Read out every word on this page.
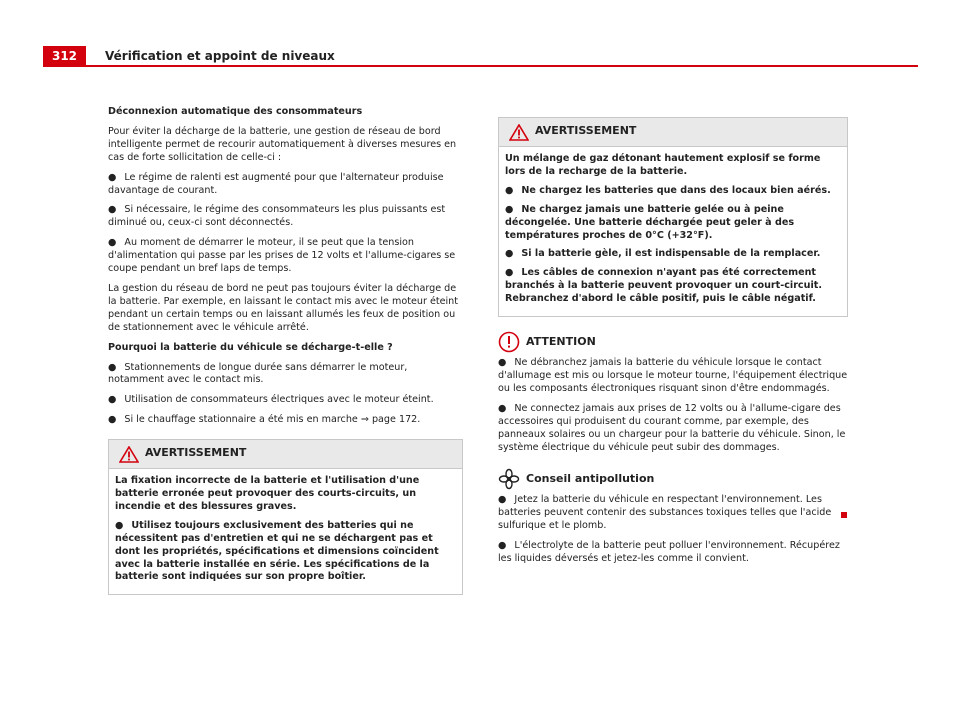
312	Vérification et appoint de niveaux

Déconnexion automatique des consommateurs

Pour éviter la décharge de la batterie, une gestion de réseau de bord intelligente permet de recourir automatiquement à diverses mesures en cas de forte sollicitation de celle-ci :

● Le régime de ralenti est augmenté pour que l'alternateur produise davantage de courant.

● Si nécessaire, le régime des consommateurs les plus puissants est diminué ou, ceux-ci sont déconnectés.

● Au moment de démarrer le moteur, il se peut que la tension d'alimentation qui passe par les prises de 12 volts et l'allume-cigares se coupe pendant un bref laps de temps.

La gestion du réseau de bord ne peut pas toujours éviter la décharge de la batterie. Par exemple, en laissant le contact mis avec le moteur éteint pendant un certain temps ou en laissant allumés les feux de position ou de stationnement avec le véhicule arrêté.

Pourquoi la batterie du véhicule se décharge-t-elle ?

● Stationnements de longue durée sans démarrer le moteur, notamment avec le contact mis.

● Utilisation de consommateurs électriques avec le moteur éteint.

● Si le chauffage stationnaire a été mis en marche ⇒ page 172.

AVERTISSEMENT

La fixation incorrecte de la batterie et l'utilisation d'une batterie erronée peut provoquer des courts-circuits, un incendie et des blessures graves.

● Utilisez toujours exclusivement des batteries qui ne nécessitent pas d'entretien et qui ne se déchargent pas et dont les propriétés, spécifications et dimensions coïncident avec la batterie installée en série. Les spécifications de la batterie sont indiquées sur son propre boîtier.

AVERTISSEMENT

Un mélange de gaz détonant hautement explosif se forme lors de la recharge de la batterie.

● Ne chargez les batteries que dans des locaux bien aérés.

● Ne chargez jamais une batterie gelée ou à peine décongelée. Une batterie déchargée peut geler à des températures proches de 0°C (+32°F).

● Si la batterie gèle, il est indispensable de la remplacer.

● Les câbles de connexion n'ayant pas été correctement branchés à la batterie peuvent provoquer un court-circuit. Rebranchez d'abord le câble positif, puis le câble négatif.

ATTENTION

● Ne débranchez jamais la batterie du véhicule lorsque le contact d'allumage est mis ou lorsque le moteur tourne, l'équipement électrique ou les composants électroniques risquant sinon d'être endommagés.

● Ne connectez jamais aux prises de 12 volts ou à l'allume-cigare des accessoires qui produisent du courant comme, par exemple, des panneaux solaires ou un chargeur pour la batterie du véhicule. Sinon, le système électrique du véhicule peut subir des dommages.

Conseil antipollution

● Jetez la batterie du véhicule en respectant l'environnement. Les batteries peuvent contenir des substances toxiques telles que l'acide sulfurique et le plomb.

● L'électrolyte de la batterie peut polluer l'environnement. Récupérez les liquides déversés et jetez-les comme il convient.
